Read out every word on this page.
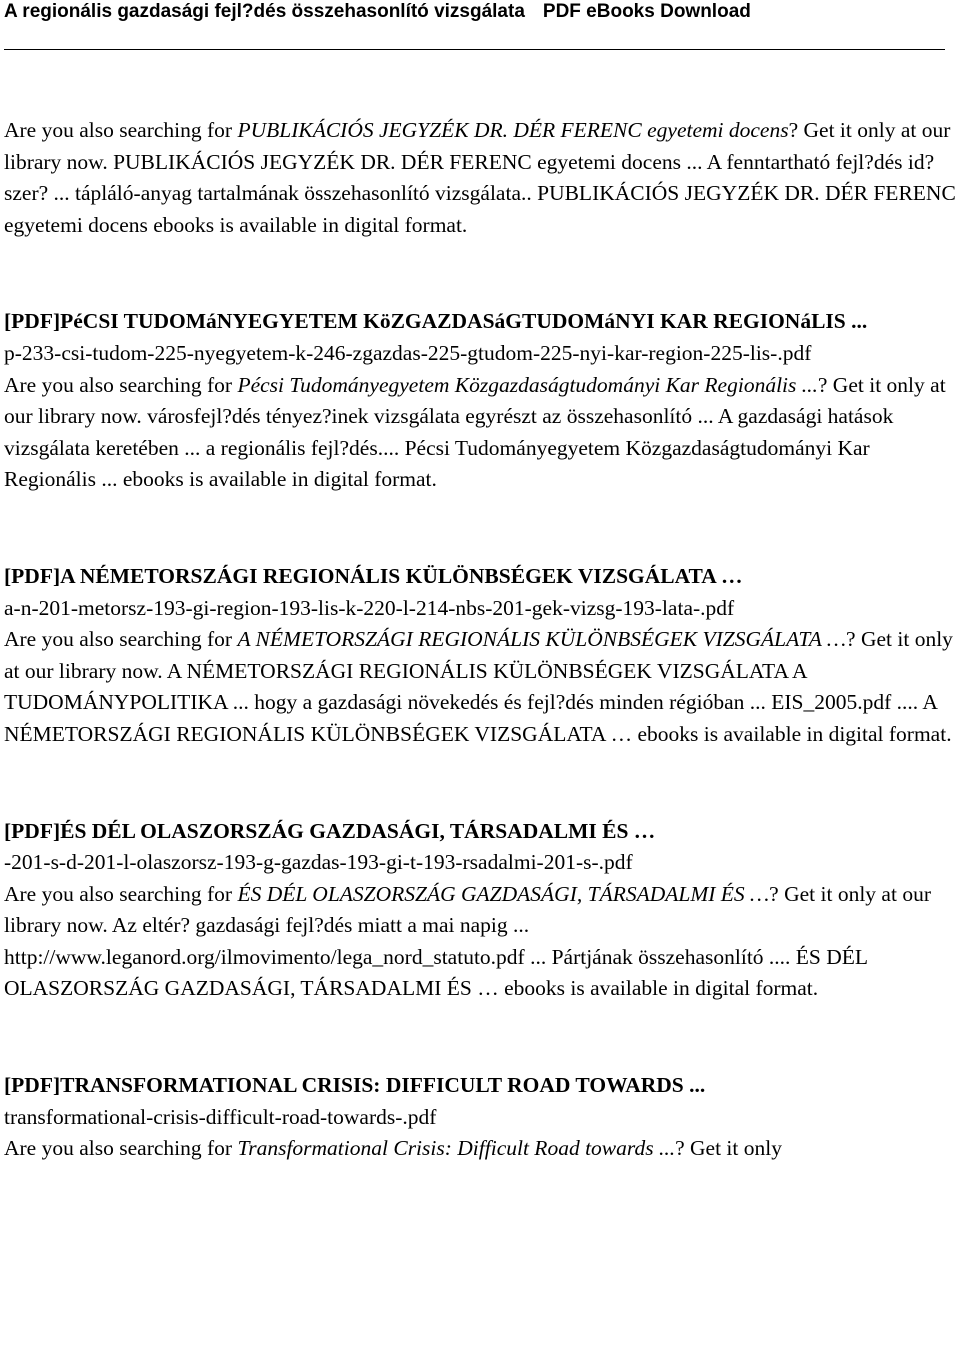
A regionális gazdasági fejl?dés összehasonlító vizsgálata PDF eBooks Download

Are you also searching for PUBLIKÁCIÓS JEGYZÉK DR. DÉR FERENC egyetemi docens? Get it only at our library now. PUBLIKÁCIÓS JEGYZÉK DR. DÉR FERENC egyetemi docens ... A fenntartható fejl?dés id?szer? ... tápláló-anyag tartalmának összehasonlító vizsgálata.. PUBLIKÁCIÓS JEGYZÉK DR. DÉR FERENC egyetemi docens ebooks is available in digital format.

[PDF]PéCSI TUDOMáNYEGYETEM KöZGAZDASáGTUDOMáNYI KAR REGIONáLIS ...
p-233-csi-tudom-225-nyegyetem-k-246-zgazdas-225-gtudom-225-nyi-kar-region-225-lis-.pdf

Are you also searching for Pécsi Tudományegyetem Közgazdaságtudományi Kar Regionális ...? Get it only at our library now. városfejl?dés tényez?inek vizsgálata egyrészt az összehasonlító ... A gazdasági hatások vizsgálata keretében ... a regionális fejl?dés.... Pécsi Tudományegyetem Közgazdaságtudományi Kar Regionális ... ebooks is available in digital format.

[PDF]A NÉMETORSZÁGI REGIONÁLIS KÜLÖNBSÉGEK VIZSGÁLATA …
a-n-201-metorsz-193-gi-region-193-lis-k-220-l-214-nbs-201-gek-vizsg-193-lata-.pdf

Are you also searching for A NÉMETORSZÁGI REGIONÁLIS KÜLÖNBSÉGEK VIZSGÁLATA …? Get it only at our library now. A NÉMETORSZÁGI REGIONÁLIS KÜLÖNBSÉGEK VIZSGÁLATA A TUDOMÁNYPOLITIKA ... hogy a gazdasági növekedés és fejl?dés minden régióban ... EIS_2005.pdf .... A NÉMETORSZÁGI REGIONÁLIS KÜLÖNBSÉGEK VIZSGÁLATA … ebooks is available in digital format.

[PDF]ÉS DÉL OLASZORSZÁG GAZDASÁGI, TÁRSADALMI ÉS …
-201-s-d-201-l-olaszorsz-193-g-gazdas-193-gi-t-193-rsadalmi-201-s-.pdf

Are you also searching for ÉS DÉL OLASZORSZÁG GAZDASÁGI, TÁRSADALMI ÉS …? Get it only at our library now. Az eltér? gazdasági fejl?dés miatt a mai napig ... http://www.leganord.org/ilmovimento/lega_nord_statuto.pdf ... Pártjának összehasonlító .... ÉS DÉL OLASZORSZÁG GAZDASÁGI, TÁRSADALMI ÉS … ebooks is available in digital format.

[PDF]TRANSFORMATIONAL CRISIS: DIFFICULT ROAD TOWARDS ...
transformational-crisis-difficult-road-towards-.pdf

Are you also searching for Transformational Crisis: Difficult Road towards ...? Get it only
